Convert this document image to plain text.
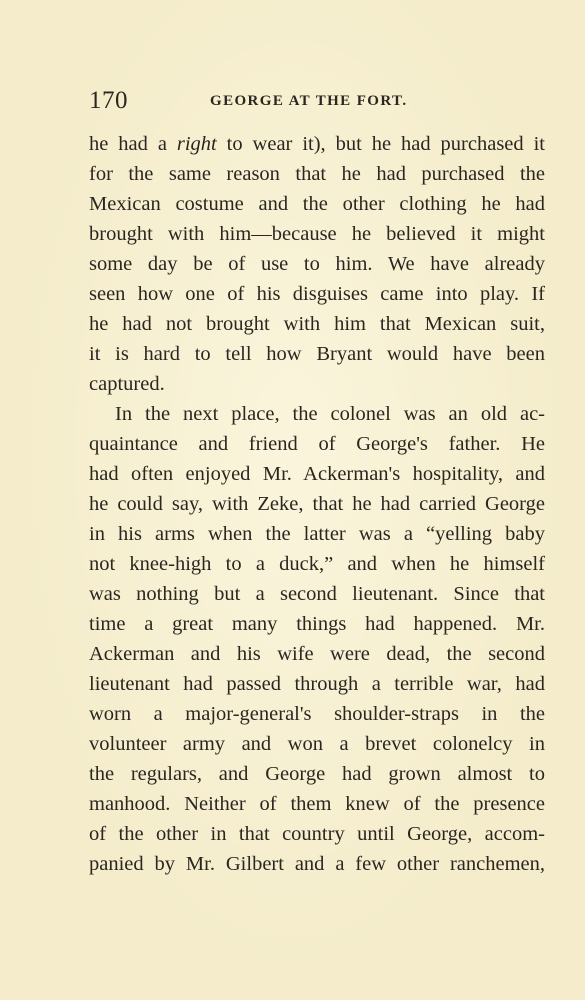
170	GEORGE AT THE FORT.
he had a right to wear it), but he had purchased it
for the same reason that he had purchased the
Mexican costume and the other clothing he had
brought with him—because he believed it might
some day be of use to him. We have already
seen how one of his disguises came into play. If
he had not brought with him that Mexican suit,
it is hard to tell how Bryant would have been
captured.
In the next place, the colonel was an old ac-
quaintance and friend of George's father. He
had often enjoyed Mr. Ackerman's hospitality, and
he could say, with Zeke, that he had carried George
in his arms when the latter was a “yelling baby
not knee-high to a duck,” and when he himself
was nothing but a second lieutenant. Since that
time a great many things had happened. Mr.
Ackerman and his wife were dead, the second
lieutenant had passed through a terrible war, had
worn a major-general's shoulder-straps in the
volunteer army and won a brevet colonelcy in
the regulars, and George had grown almost to
manhood. Neither of them knew of the presence
of the other in that country until George, accom-
panied by Mr. Gilbert and a few other ranchemen,
